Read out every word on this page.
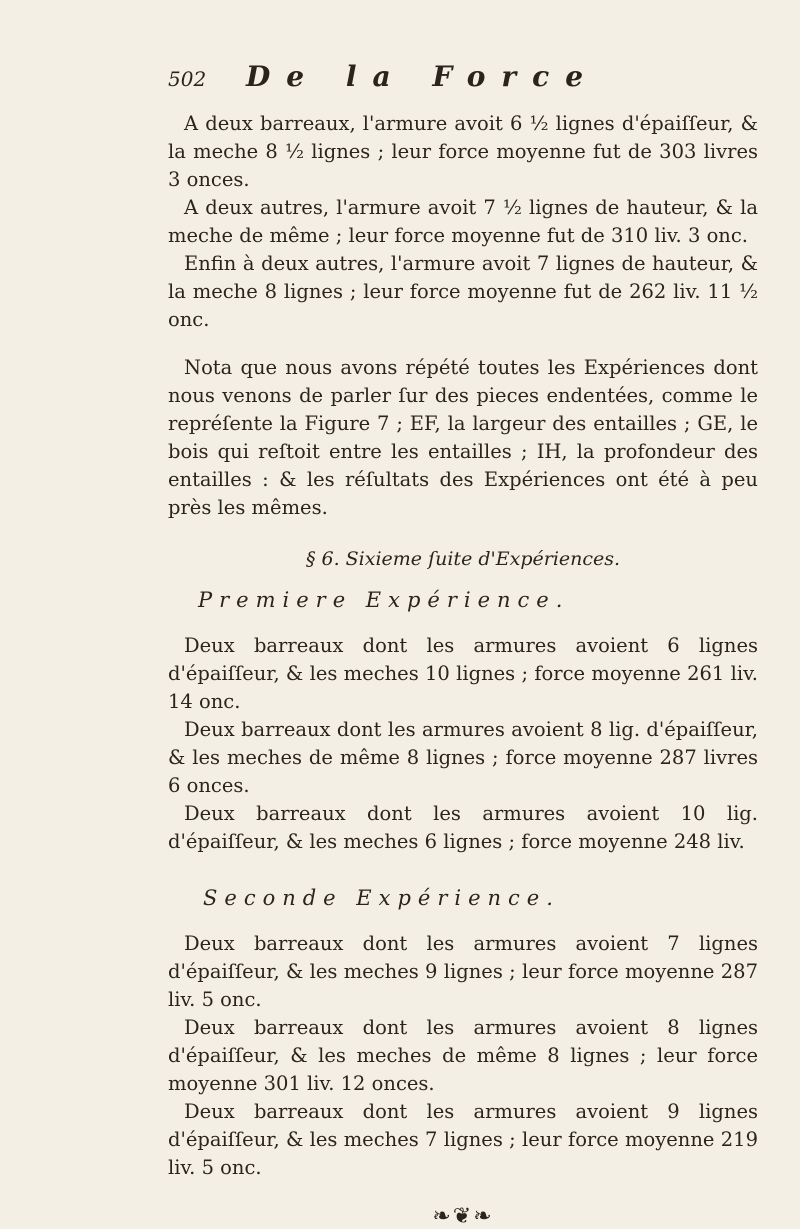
502 De la Force

A deux barreaux, l'armure avoit 6 ½ lignes d'épaiſſeur, & la meche 8 ½ lignes ; leur force moyenne fut de 303 livres 3 onces.

A deux autres, l'armure avoit 7 ½ lignes de hauteur, & la meche de même ; leur force moyenne fut de 310 liv. 3 onc.

Enfin à deux autres, l'armure avoit 7 lignes de hauteur, & la meche 8 lignes ; leur force moyenne fut de 262 liv. 11 ½ onc.

Nota que nous avons répété toutes les Expériences dont nous venons de parler ſur des pieces endentées, comme le repréſente la Figure 7 ; EF, la largeur des entailles ; GE, le bois qui reſtoit entre les entailles ; IH, la profondeur des entailles : & les réſultats des Expériences ont été à peu près les mêmes.

§ 6. Sixieme ſuite d'Expériences.
Premiere Expérience.

Deux barreaux dont les armures avoient 6 lignes d'épaiſſeur, & les meches 10 lignes ; force moyenne 261 liv. 14 onc.

Deux barreaux dont les armures avoient 8 lig. d'épaiſſeur, & les meches de même 8 lignes ; force moyenne 287 livres 6 onces.

Deux barreaux dont les armures avoient 10 lig. d'épaiſſeur, & les meches 6 lignes ; force moyenne 248 liv.

Seconde Expérience.

Deux barreaux dont les armures avoient 7 lignes d'épaiſſeur, & les meches 9 lignes ; leur force moyenne 287 liv. 5 onc.

Deux barreaux dont les armures avoient 8 lignes d'épaiſſeur, & les meches de même 8 lignes ; leur force moyenne 301 liv. 12 onces.

Deux barreaux dont les armures avoient 9 lignes d'épaiſſeur, & les meches 7 lignes ; leur force moyenne 219 liv. 5 onc.

❧❦❧
